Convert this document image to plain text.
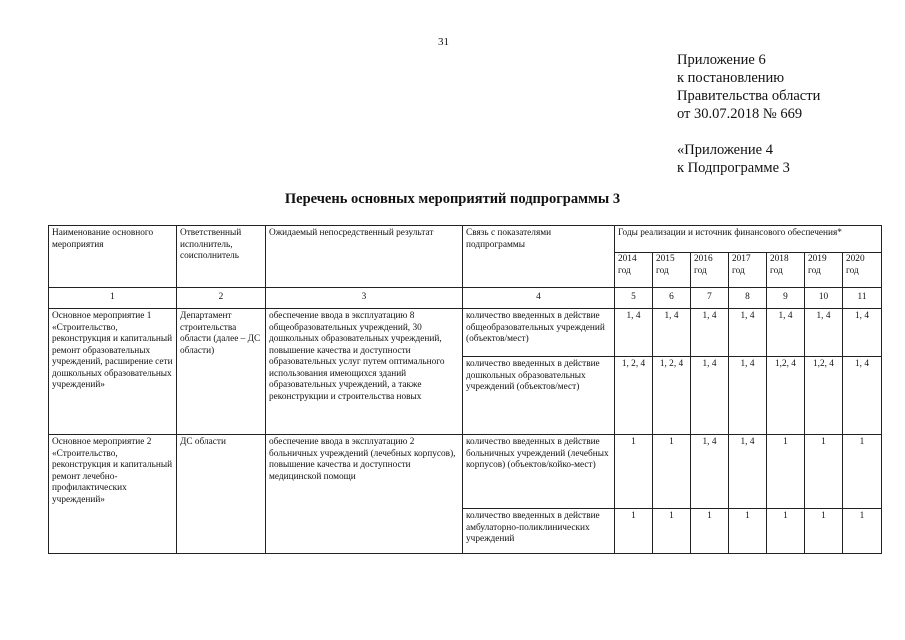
31
Приложение 6
к постановлению
Правительства области
от 30.07.2018 № 669
«Приложение 4
к Подпрограмме 3
Перечень основных мероприятий подпрограммы 3
Наименование основного мероприятия	Ответственный исполнитель, соисполнитель	Ожидаемый непосредственный результат	Связь с показателями подпрограммы	Годы реализации и источник финансового обеспечения*						
				2014 год	2015 год	2016 год	2017 год	2018 год	2019 год	2020 год
1	2	3	4	5	6	7	8	9	10	11
Основное мероприятие 1 «Строительство, реконструкция и капитальный ремонт образовательных учреждений, расширение сети дошкольных образовательных учреждений»	Департамент строительства области (далее – ДС области)	обеспечение ввода в эксплуатацию 8 общеобразовательных учреждений, 30 дошкольных образовательных учреждений, повышение качества и доступности образовательных услуг путем оптимального использования имеющихся зданий образовательных учреждений, а также реконструкции и строительства новых	количество введенных в действие общеобразовательных учреждений (объектов/мест)	1, 4	1, 4	1, 4	1, 4	1, 4	1, 4	1, 4
			количество введенных в действие дошкольных образовательных учреждений (объектов/мест)	1, 2, 4	1, 2, 4	1, 4	1, 4	1,2, 4	1,2, 4	1, 4
Основное мероприятие 2 «Строительство, реконструкция и капитальный ремонт лечебно-профилактических учреждений»	ДС области	обеспечение ввода в эксплуатацию 2 больничных учреждений (лечебных корпусов), повышение качества и доступности медицинской помощи	количество введенных в действие больничных учреждений (лечебных корпусов) (объектов/койко-мест)	1	1	1, 4	1, 4	1	1	1
			количество введенных в действие амбулаторно-поликлинических учреждений	1	1	1	1	1	1	1
